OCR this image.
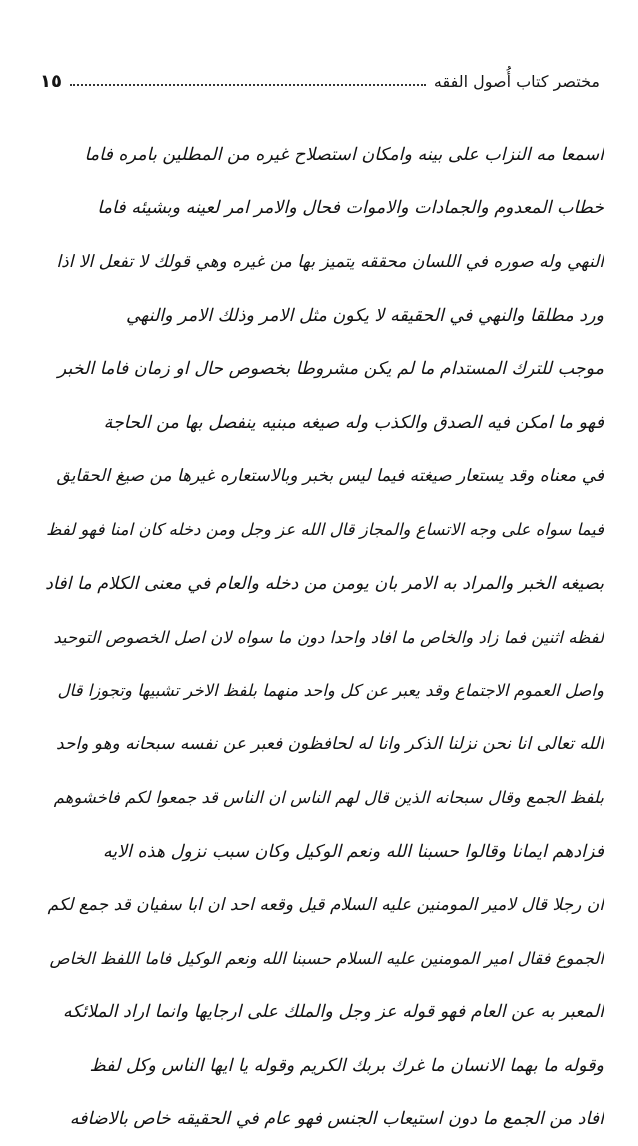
مختصر كتاب أُصول الفقه
١٥
اسمعا مه النزاب على بينه وامكان استصلاح غيره من المطلين بامره فاما
خطاب المعدوم والجمادات والاموات فحال والامر امر لعينه وبشيئه فاما
النهي وله صوره في اللسان محققه يتميز بها من غيره وهي قولك لا تفعل الا اذا
ورد مطلقا والنهي في الحقيقه لا يكون مثل الامر وذلك الامر والنهي
موجب للترك المستدام ما لم يكن مشروطا بخصوص حال او زمان فاما الخبر
فهو ما امكن فيه الصدق والكذب وله صيغه مبنيه ينفصل بها من الحاجة
في معناه وقد يستعار صيغته فيما ليس بخبر وبالاستعاره غيرها من صيغ الحقايق
فيما سواه على وجه الاتساع والمجاز قال الله عز وجل ومن دخله كان امنا فهو لفظ
بصيغه الخبر والمراد به الامر بان يومن من دخله والعام في معنى الكلام ما افاد
لفظه اثنين فما زاد والخاص ما افاد واحدا دون ما سواه لان اصل الخصوص التوحيد
واصل العموم الاجتماع وقد يعبر عن كل واحد منهما بلفظ الاخر تشبيها وتجوزا قال
الله تعالى انا نحن نزلنا الذكر وانا له لحافظون فعبر عن نفسه سبحانه وهو واحد
بلفظ الجمع وقال سبحانه الذين قال لهم الناس ان الناس قد جمعوا لكم فاخشوهم
فزادهم ايمانا وقالوا حسبنا الله ونعم الوكيل وكان سبب نزول هذه الايه
ان رجلا قال لامير المومنين عليه السلام قيل وقعه احد ان ابا سفيان قد جمع لكم
الجموع فقال امير المومنين عليه السلام حسبنا الله ونعم الوكيل فاما اللفظ الخاص
المعبر به عن العام فهو قوله عز وجل والملك على ارجايها وانما اراد الملائكه
وقوله ما بهما الانسان ما غرك بربك الكريم وقوله يا ايها الناس وكل لفظ
افاد من الجمع ما دون استيعاب الجنس فهو عام في الحقيقه خاص بالاضافه
